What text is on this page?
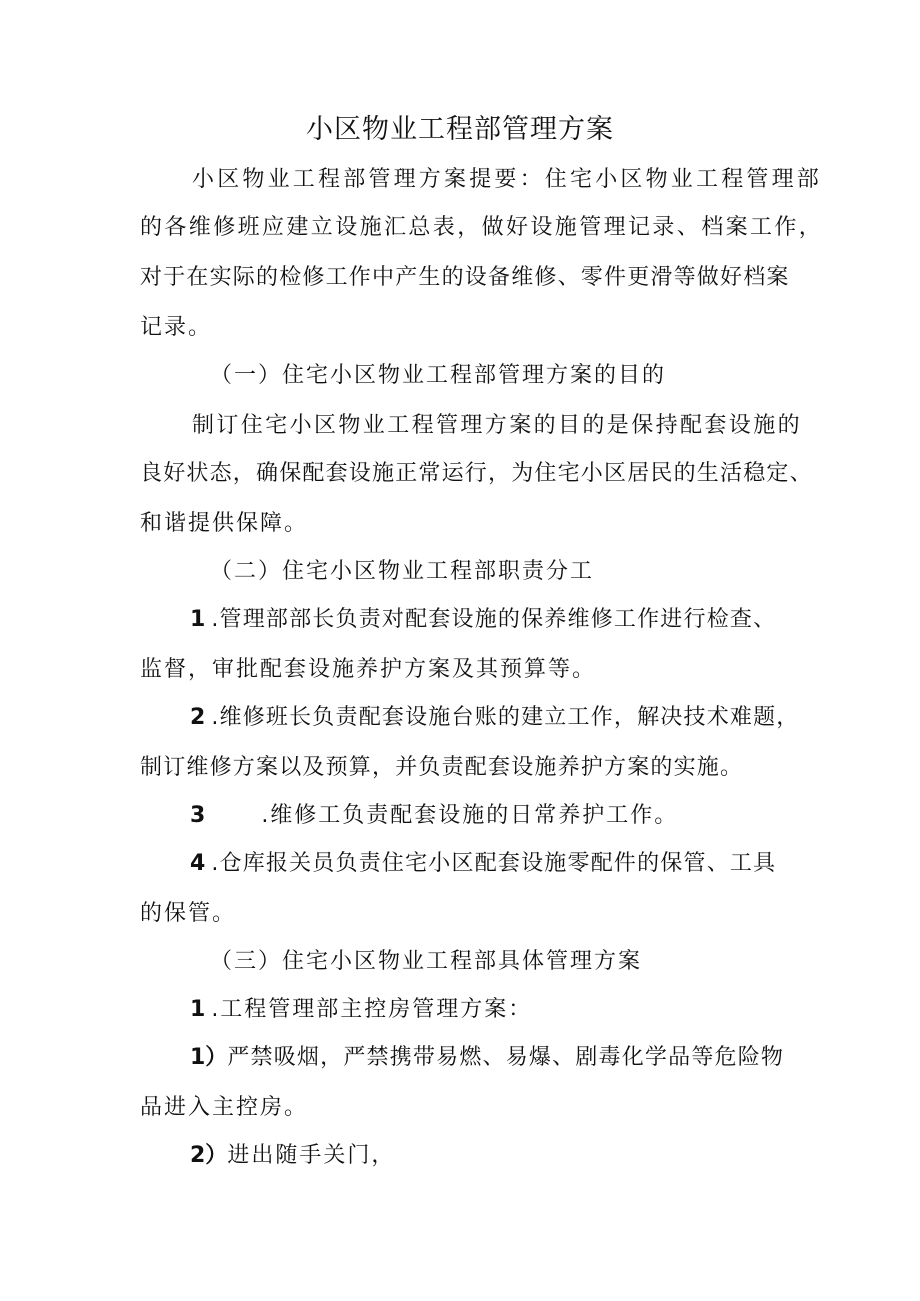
小区物业工程部管理方案
小区物业工程部管理方案提要：住宅小区物业工程管理部
的各维修班应建立设施汇总表，做好设施管理记录、档案工作，
对于在实际的检修工作中产生的设备维修、零件更滑等做好档案
记录。
（一）住宅小区物业工程部管理方案的目的
制订住宅小区物业工程管理方案的目的是保持配套设施的
良好状态，确保配套设施正常运行，为住宅小区居民的生活稳定、
和谐提供保障。
（二）住宅小区物业工程部职责分工
1 .管理部部长负责对配套设施的保养维修工作进行检查、
监督，审批配套设施养护方案及其预算等。
2 .维修班长负责配套设施台账的建立工作，解决技术难题，
制订维修方案以及预算，并负责配套设施养护方案的实施。
3	.维修工负责配套设施的日常养护工作。
4 .仓库报关员负责住宅小区配套设施零配件的保管、工具
的保管。
（三）住宅小区物业工程部具体管理方案
1 .工程管理部主控房管理方案：
1）严禁吸烟，严禁携带易燃、易爆、剧毒化学品等危险物
品进入主控房。
2）进出随手关门，
